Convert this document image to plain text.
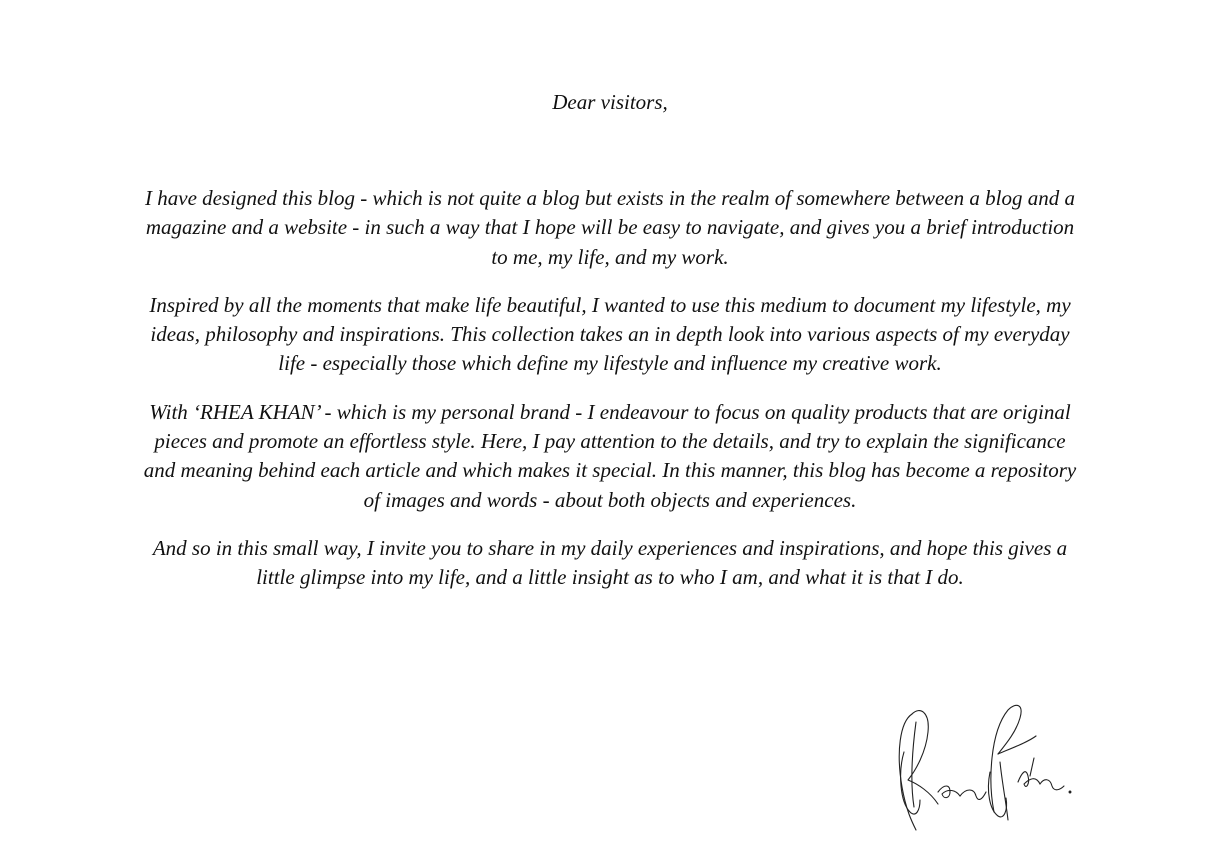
Dear visitors,

I have designed this blog - which is not quite a blog but exists in the realm of somewhere between a blog and a magazine and a website - in such a way that I hope will be easy to navigate, and gives you a brief introduction to me, my life, and my work.

Inspired by all the moments that make life beautiful, I wanted to use this medium to document my lifestyle, my ideas, philosophy and inspirations. This collection takes an in depth look into various aspects of my everyday life - especially those which define my lifestyle and influence my creative work.

With ‘RHEA KHAN’ - which is my personal brand - I endeavour to focus on quality products that are original pieces and promote an effortless style. Here, I pay attention to the details, and try to explain the significance and meaning behind each article and which makes it special. In this manner, this blog has become a repository of images and words - about both objects and experiences.

And so in this small way, I invite you to share in my daily experiences and inspirations, and hope this gives a little glimpse into my life, and a little insight as to who I am, and what it is that I do.
